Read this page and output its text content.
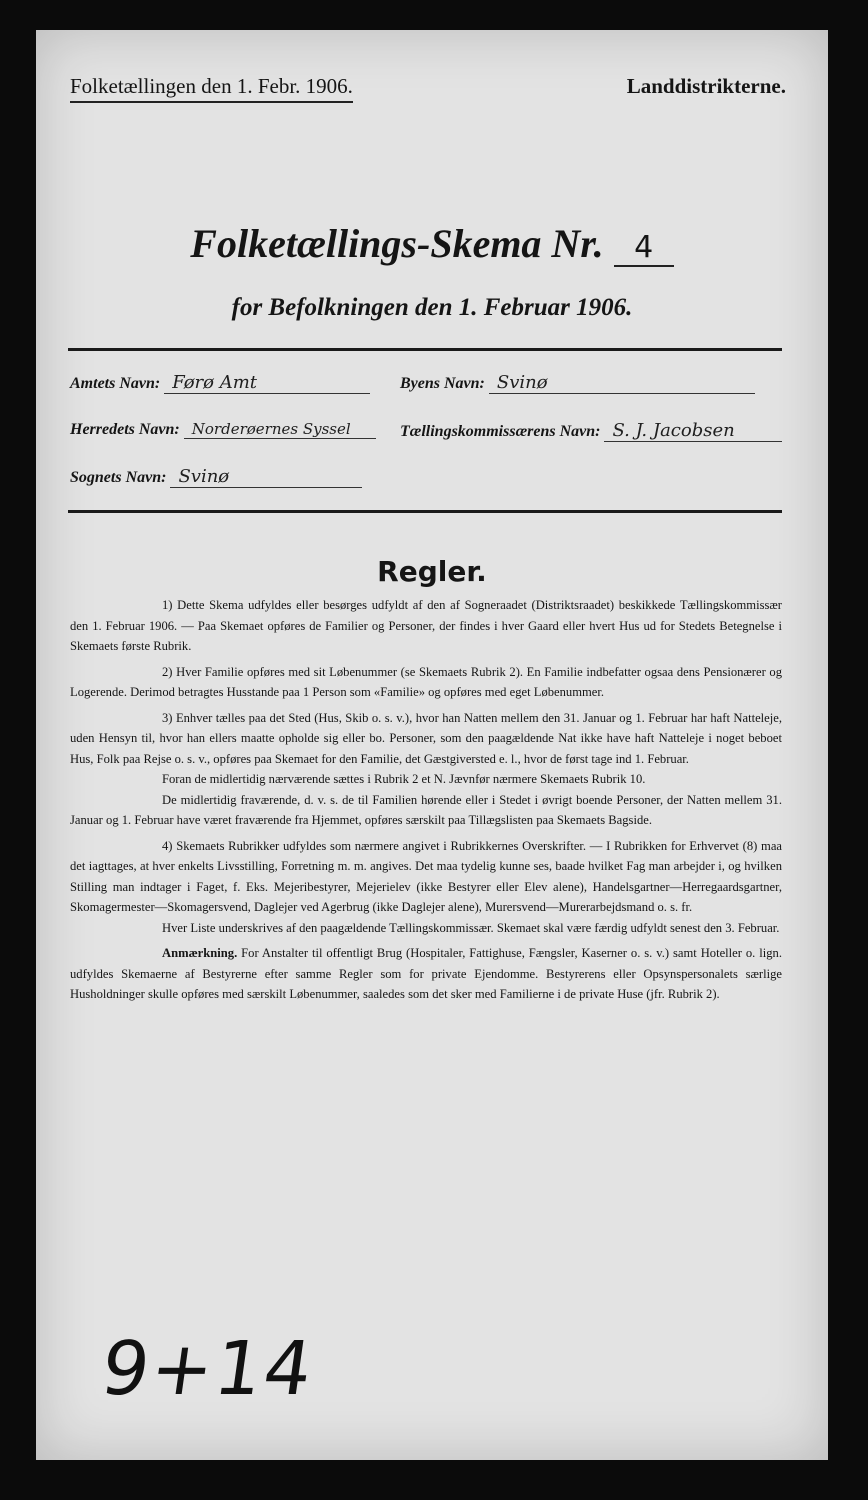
Folketællingen den 1. Febr. 1906.	Landdistrikterne.
Folketællings-Skema Nr. 4
for Befolkningen den 1. Februar 1906.
Amtets Navn: Førø Amt	Byens Navn: Svinø
Herredets Navn: Norderøernes Syssel	Tællingskommissærens Navn: S. J. Jacobsen
Sognets Navn: Svinø
Regler.

1) Dette Skema udfyldes eller besørges udfyldt af den af Sogneraadet (Distriktsraadet) beskikkede Tællingskommissær den 1. Februar 1906. — Paa Skemaet opføres de Familier og Personer, der findes i hver Gaard eller hvert Hus ud for Stedets Betegnelse i Skemaets første Rubrik.

2) Hver Familie opføres med sit Løbenummer (se Skemaets Rubrik 2). En Familie indbefatter ogsaa dens Pensionærer og Logerende. Derimod betragtes Husstande paa 1 Person som «Familie» og opføres med eget Løbenummer.

3) Enhver tælles paa det Sted (Hus, Skib o. s. v.), hvor han Natten mellem den 31. Januar og 1. Februar har haft Natteleje, uden Hensyn til, hvor han ellers maatte opholde sig eller bo. Personer, som den paagældende Nat ikke have haft Natteleje i noget beboet Hus, Folk paa Rejse o. s. v., opføres paa Skemaet for den Familie, det Gæstgiversted e. l., hvor de først tage ind 1. Februar.

Foran de midlertidig nærværende sættes i Rubrik 2 et N. Jævnfør nærmere Skemaets Rubrik 10.

De midlertidig fraværende, d. v. s. de til Familien hørende eller i Stedet i øvrigt boende Personer, der Natten mellem 31. Januar og 1. Februar have været fraværende fra Hjemmet, opføres særskilt paa Tillægslisten paa Skemaets Bagside.

4) Skemaets Rubrikker udfyldes som nærmere angivet i Rubrikkernes Overskrifter. — I Rubrikken for Erhvervet (8) maa det iagttages, at hver enkelts Livsstilling, Forretning m. m. angives. Det maa tydelig kunne ses, baade hvilket Fag man arbejder i, og hvilken Stilling man indtager i Faget, f. Eks. Mejeribestyrer, Mejerielev (ikke Bestyrer eller Elev alene), Handelsgartner—Herregaardsgartner, Skomagermester—Skomagersvend, Daglejer ved Agerbrug (ikke Daglejer alene), Murersvend—Murerarbejdsmand o. s. fr.

Hver Liste underskrives af den paagældende Tællingskommissær. Skemaet skal være færdig udfyldt senest den 3. Februar.

Anmærkning. For Anstalter til offentligt Brug (Hospitaler, Fattighuse, Fængsler, Kaserner o. s. v.) samt Hoteller o. lign. udfyldes Skemaerne af Bestyrerne efter samme Regler som for private Ejendomme. Bestyrerens eller Opsynspersonalets særlige Husholdninger skulle opføres med særskilt Løbenummer, saaledes som det sker med Familierne i de private Huse (jfr. Rubrik 2).

9+14
